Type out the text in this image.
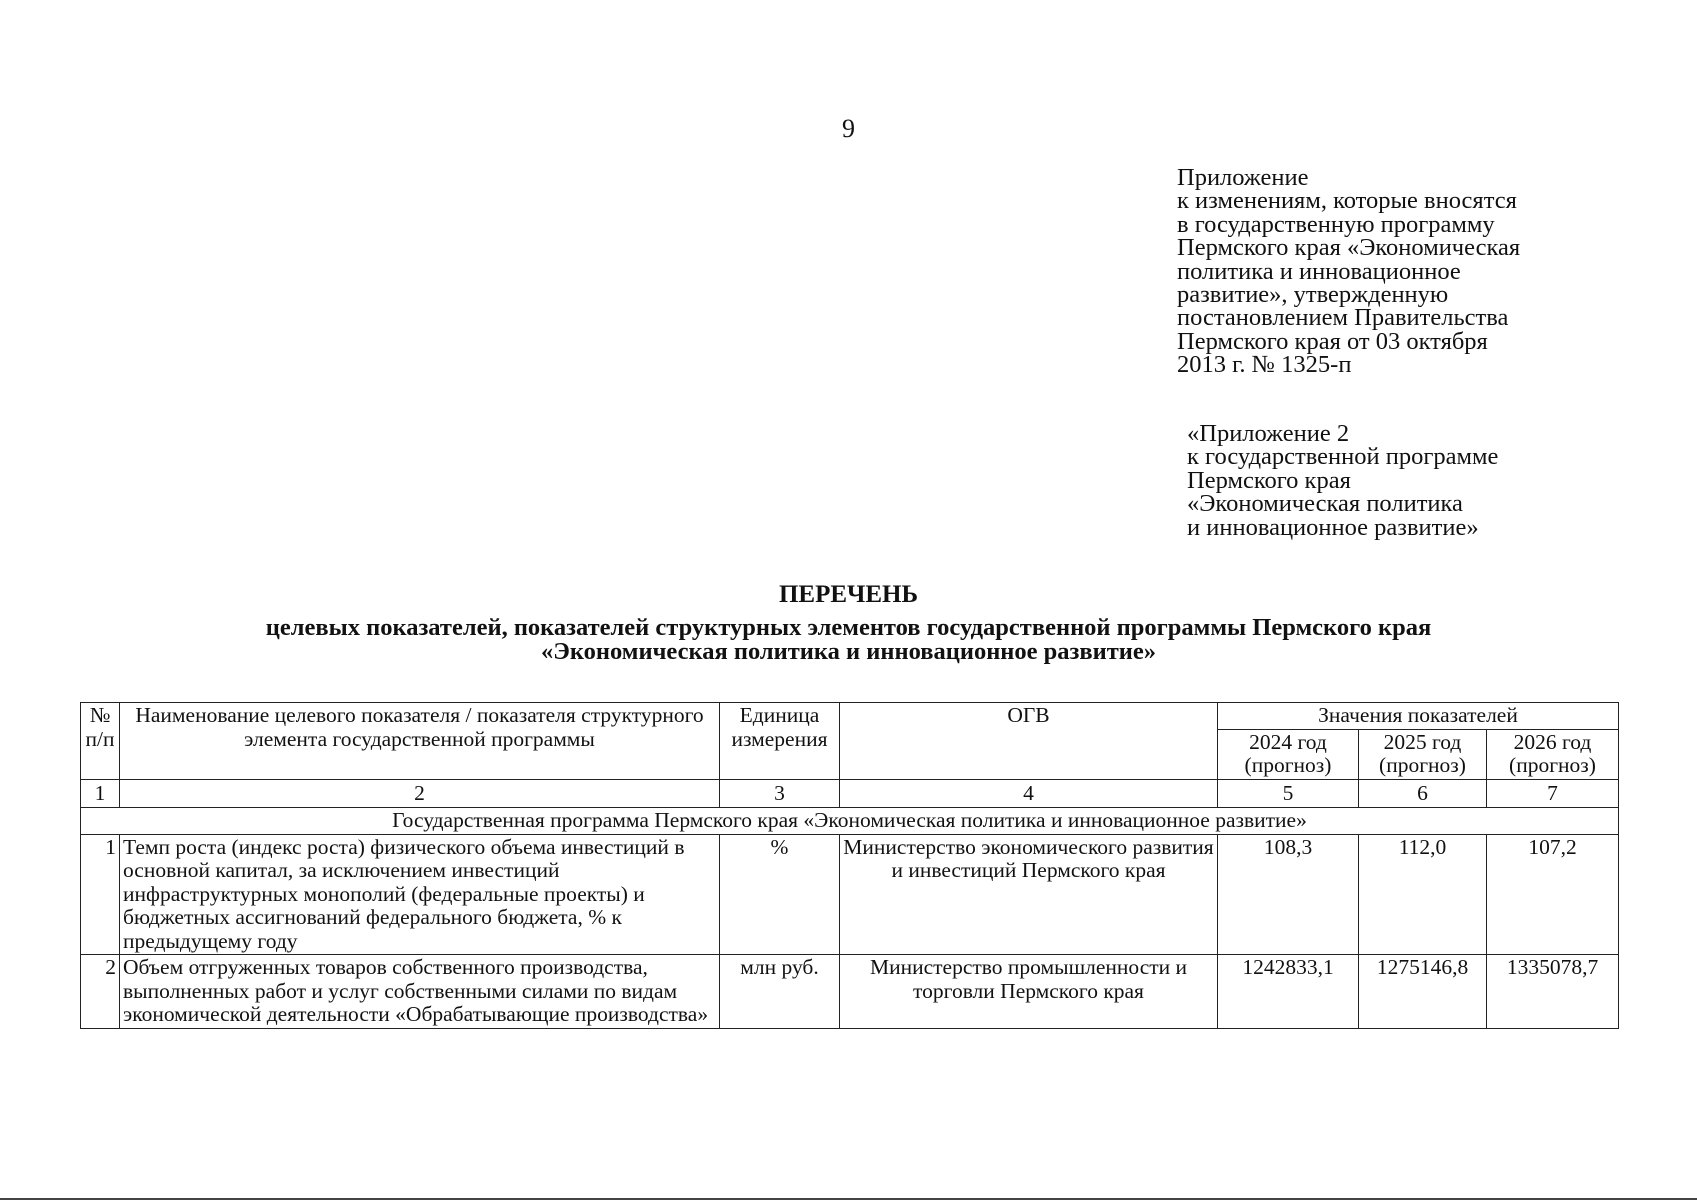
9
Приложение
к изменениям, которые вносятся
в государственную программу
Пермского края «Экономическая
политика и инновационное
развитие», утвержденную
постановлением Правительства
Пермского края от 03 октября
2013 г. № 1325-п
«Приложение 2
к государственной программе
Пермского края
«Экономическая политика
и инновационное развитие»
ПЕРЕЧЕНЬ
целевых показателей, показателей структурных элементов государственной программы Пермского края
«Экономическая политика и инновационное развитие»
№ п/п	Наименование целевого показателя / показателя структурного элемента государственной программы	Единица измерения	ОГВ	Значения показателей		
				2024 год (прогноз)	2025 год (прогноз)	2026 год (прогноз)
1	2	3	4	5	6	7
Государственная программа Пермского края «Экономическая политика и инновационное развитие»						
1	Темп роста (индекс роста) физического объема инвестиций в основной капитал, за исключением инвестиций инфраструктурных монополий (федеральные проекты) и бюджетных ассигнований федерального бюджета, % к предыдущему году	%	Министерство экономического развития и инвестиций Пермского края	108,3	112,0	107,2
2	Объем отгруженных товаров собственного производства, выполненных работ и услуг собственными силами по видам экономической деятельности «Обрабатывающие производства»	млн руб.	Министерство промышленности и торговли Пермского края	1242833,1	1275146,8	1335078,7
